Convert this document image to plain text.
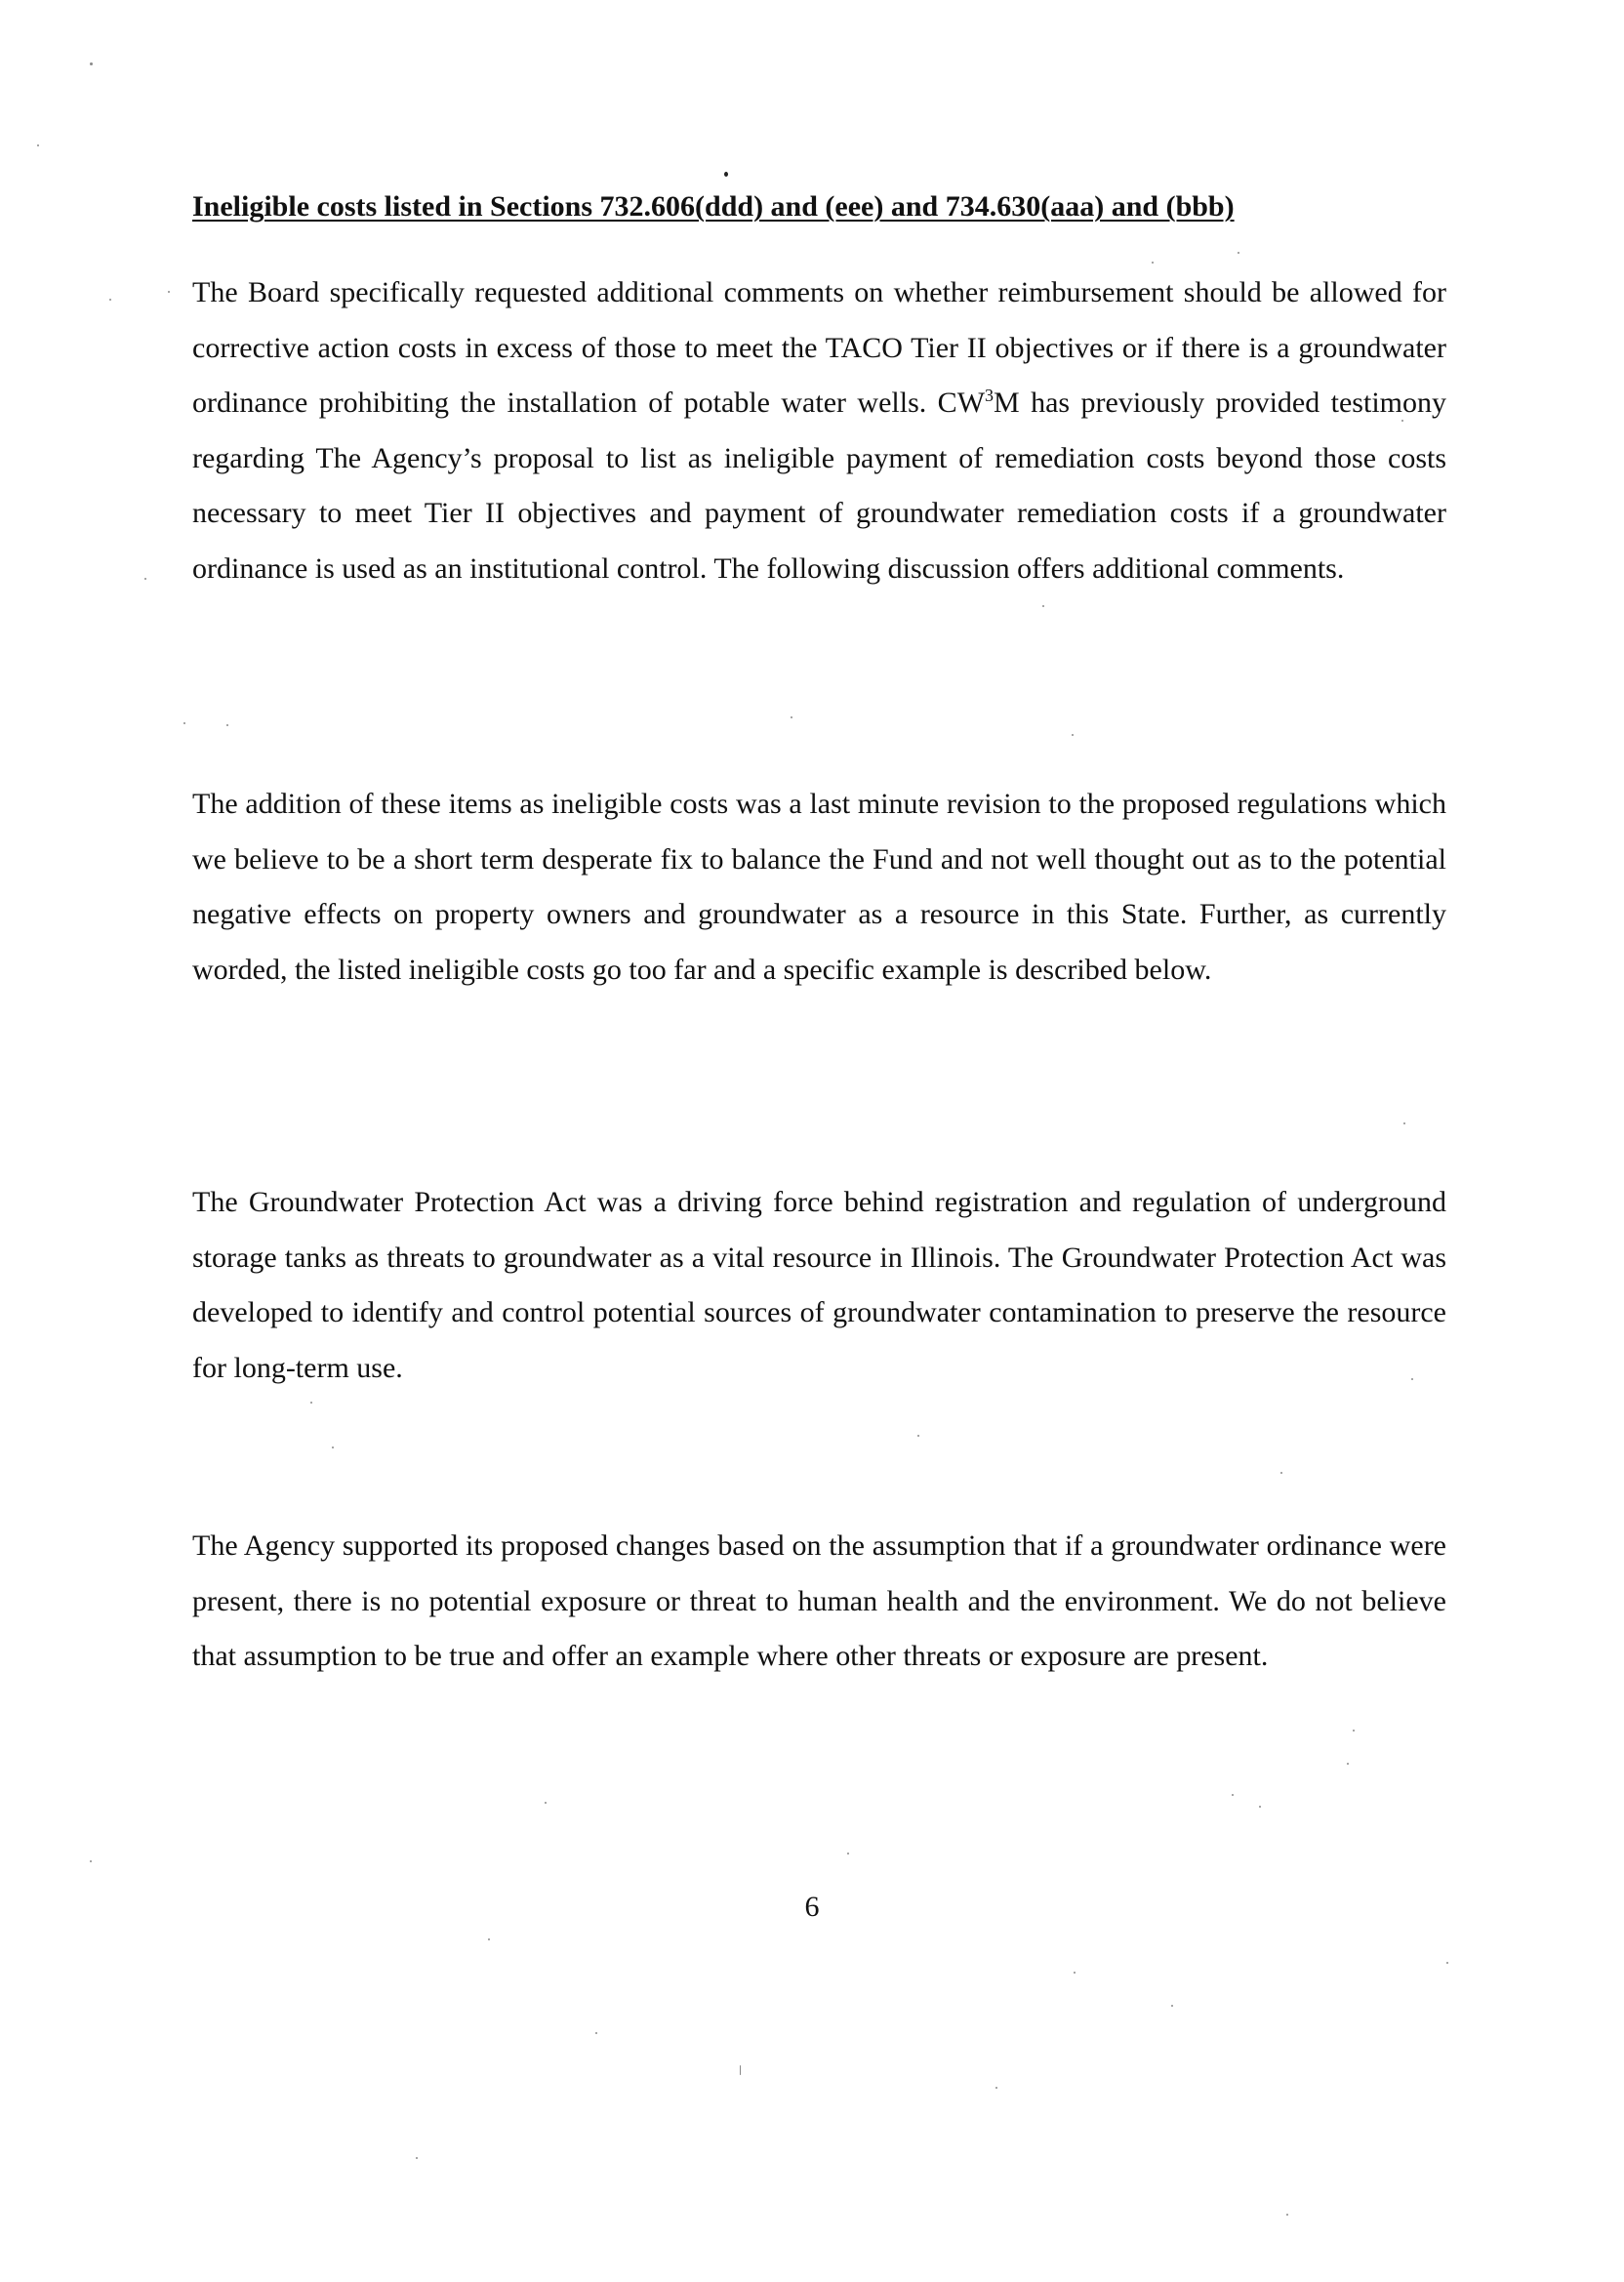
Ineligible costs listed in Sections 732.606(ddd) and (eee) and 734.630(aaa) and (bbb)

The Board specifically requested additional comments on whether reimbursement should be allowed for corrective action costs in excess of those to meet the TACO Tier II objectives or if there is a groundwater ordinance prohibiting the installation of potable water wells. $CW^3M$ has previously provided testimony regarding The Agency’s proposal to list as ineligible payment of remediation costs beyond those costs necessary to meet Tier II objectives and payment of groundwater remediation costs if a groundwater ordinance is used as an institutional control. The following discussion offers additional comments.

The addition of these items as ineligible costs was a last minute revision to the proposed regulations which we believe to be a short term desperate fix to balance the Fund and not well thought out as to the potential negative effects on property owners and groundwater as a resource in this State. Further, as currently worded, the listed ineligible costs go too far and a specific example is described below.

The Groundwater Protection Act was a driving force behind registration and regulation of underground storage tanks as threats to groundwater as a vital resource in Illinois. The Groundwater Protection Act was developed to identify and control potential sources of groundwater contamination to preserve the resource for long-term use.

The Agency supported its proposed changes based on the assumption that if a groundwater ordinance were present, there is no potential exposure or threat to human health and the environment. We do not believe that assumption to be true and offer an example where other threats or exposure are present.

6
